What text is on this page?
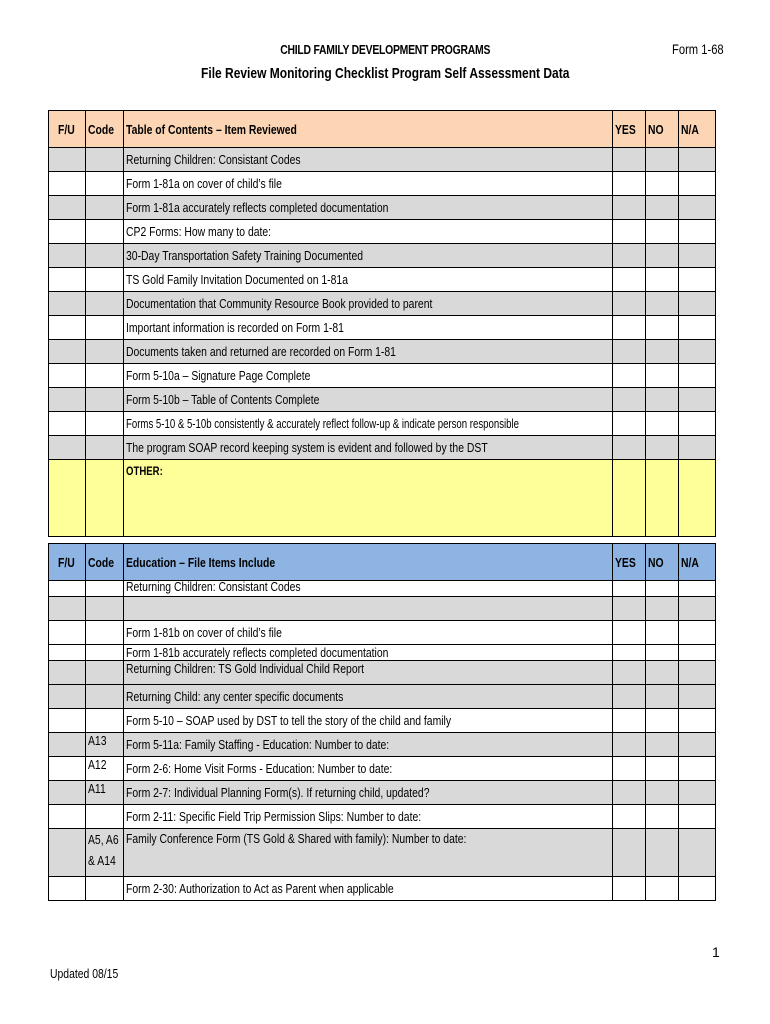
CHILD FAMILY DEVELOPMENT PROGRAMS	Form 1-68
File Review Monitoring Checklist Program Self Assessment Data
F/U	Code	Table of Contents – Item Reviewed	YES	NO	N/A
		Returning Children: Consistant Codes			
		Form 1-81a on cover of child’s file			
		Form 1-81a accurately reflects completed documentation			
		CP2 Forms: How many to date:			
		30-Day Transportation Safety Training Documented			
		TS Gold Family Invitation Documented on 1-81a			
		Documentation that Community Resource Book provided to parent			
		Important information is recorded on Form 1-81			
		Documents taken and returned are recorded on Form 1-81			
		Form 5-10a – Signature Page Complete			
		Form 5-10b – Table of Contents Complete			
		Forms 5-10 & 5-10b consistently & accurately reflect follow-up & indicate person responsible			
		The program SOAP record keeping system is evident and followed by the DST			
		OTHER:			
F/U	Code	Education – File Items Include	YES	NO	N/A
		Returning Children: Consistant Codes			

		Form 1-81b on cover of child’s file			
		Form 1-81b accurately reflects completed documentation			
		Returning Children: TS Gold Individual Child Report			
		Returning Child: any center specific documents			
		Form 5-10 – SOAP used by DST to tell the story of the child and family			
	A13	Form 5-11a: Family Staffing - Education: Number to date:			
	A12	Form 2-6: Home Visit Forms - Education: Number to date:			
	A11	Form 2-7: Individual Planning Form(s). If returning child, updated?			
		Form 2-11: Specific Field Trip Permission Slips: Number to date:			
	A5, A6 & A14	Family Conference Form (TS Gold & Shared with family): Number to date:			
		Form 2-30: Authorization to Act as Parent when applicable			
1
Updated 08/15
